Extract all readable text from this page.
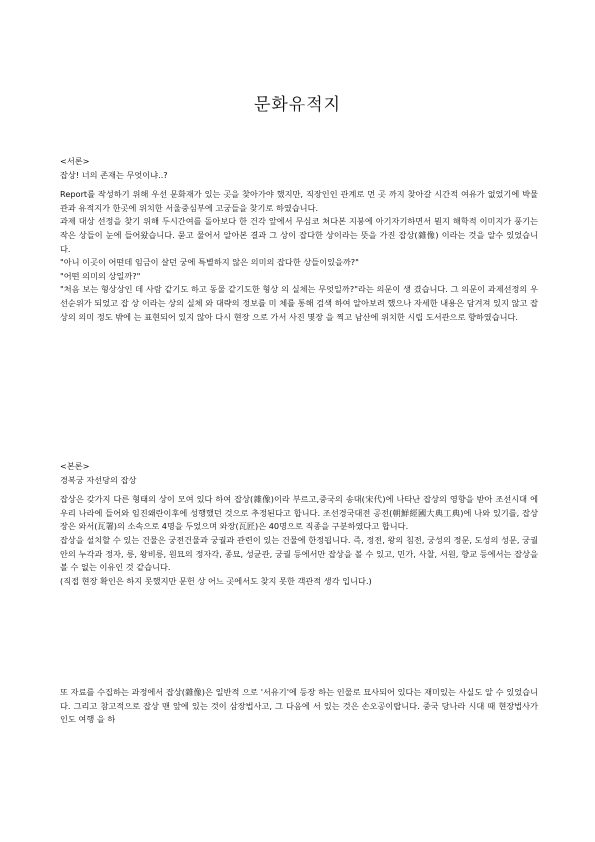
문화유적지

<서론>

잡상! 너의 존재는 무엇이냐..?

Report를 작성하기 위해 우선 문화재가 있는 곳을 찾아가야 했지만, 직장인인 관계로 먼 곳 까지 찾아갈 시간적 여유가 없었기에 박물관과 유적지가 한곳에 위치한 서울중심부에 고궁들을 찾기로 하였습니다.

과제 대상 선정을 찾기 위해 두시간여를 돌아보다 한 건각 앞에서 무심코 쳐다본 지붕에 아기자기하면서 뭔지 해학적 이미지가 풍기는 작은 상들이 눈에 들어왔습니다. 묻고 물어서 알아본 결과 그 상이 잡다한 상이라는 뜻을 가진 잡상(雜像) 이라는 것을 알수 있었습니다.

"아니 이곳이 어떤데 임금이 살던 궁에 특별하지 않은 의미의 잡다한 상들이있을까?"

"어떤 의미의 상일까?"

"처음 보는 형상상인 데 사람 같기도 하고 동물 같기도한 형상 의 실체는 무엇일까?"라는 의문이 생 겼습니다. 그 의문이 과제선정의 우선순위가 되었고 잡 상 이라는 상의 실체 와 대략의 정보를 미 체를 통해 검색 하여 알아보려 했으나 자세한 내용은 담겨져 있지 않고 잡상의 의미 정도 밖에 는 표현되어 있지 않아 다시 현장 으로 가서 사진 몇장 을 찍고 남산에 위치한 시립 도서관으로 향하였습니다.

<본론>

경복궁 자선당의 잡상

잡상은 갖가지 다른 형태의 상이 모여 있다 하여 잡상(雜像)이라 부르고,중국의 송대(宋代)에 나타난 잡상의 영향을 받아 조선시대 에 우리 나라에 들어와 임진왜란이후에 성행했던 것으로 추정된다고 합니다. 조선경국대전 공전(朝鮮經國大典工典)에 나와 있기를, 잡상장은 와서(瓦署)의 소속으로 4명을 두었으며 와장(瓦匠)은 40명으로 직종을 구분하였다고 합니다.

잡상을 설치할 수 있는 건물은 궁전건물과 궁궐과 관련이 있는 건물에 한정됩니다. 즉, 정전, 왕의 침전, 궁성의 정문, 도성의 성문, 궁궐 안의 누각과 정자, 릉, 왕비릉, 원묘의 정자각, 종묘, 성균관, 궁궐 등에서만 잡상을 볼 수 있고, 민가, 사찰, 서원, 향교 등에서는 잡상을 볼 수 없는 이유인 것 같습니다.

(직접 현장 확인은 하지 못했지만 문헌 상 어느 곳에서도 찾지 못한 객관적 생각 입니다.)

또 자료를 수집하는 과정에서 잡상(雜像)은 일반적 으로 '서유기'에 등장 하는 인물로 묘사되어 있다는 재미있는 사실도 알 수 있었습니다. 그리고 참고적으로 잡상 맨 앞에 있는 것이 삼장법사고, 그 다음에 서 있는 것은 손오공이랍니다. 중국 당나라 시대 때 현장법사가 인도 여행 을 하
